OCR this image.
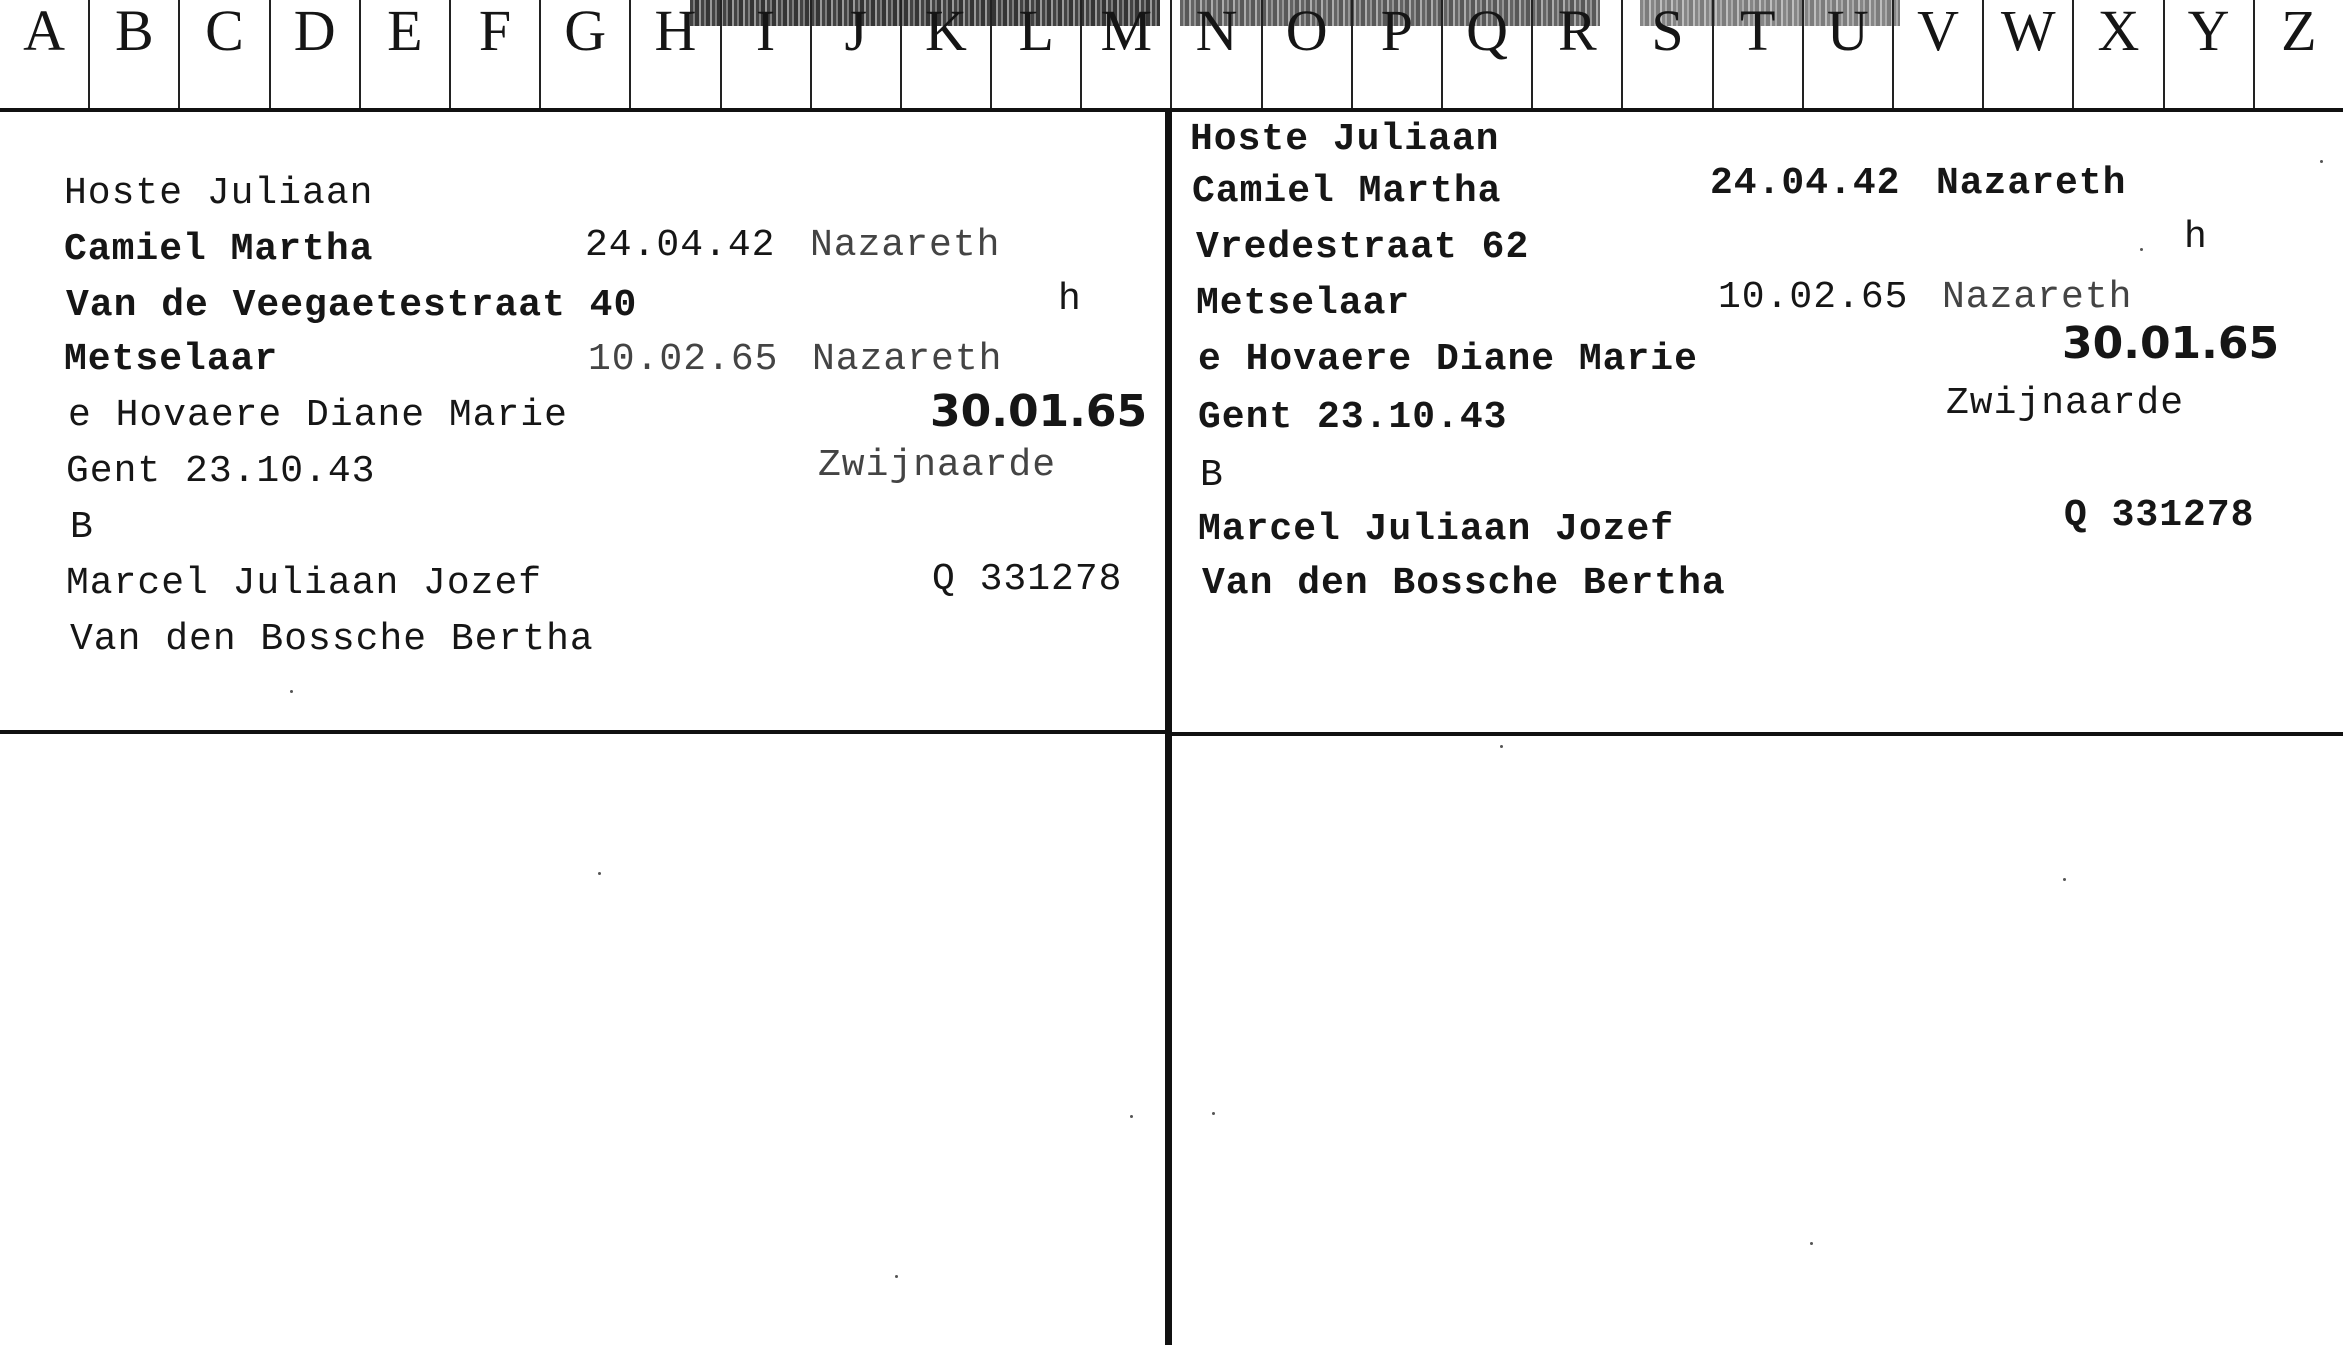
A B C D E F G H	I	J K L M N O P Q R S T U V W X Y Z
Hoste Juliaan
Camiel Martha	24.04.42 Nazareth
Van de Veegaetestraat 40	h
Metselaar	10.02.65 Nazareth
e Hovaere Diane Marie	30.01.65
Gent 23.10.43	Zwijnaarde
B
Marcel Juliaan Jozef	Q 331278
Van den Bossche Bertha
Hoste Juliaan
Camiel Martha	24.04.42 Nazareth
h
Vredestraat 62
Metselaar	10.02.65 Nazareth
30.01.65
e Hovaere Diane Marie
Gent 23.10.43	Zwijnaarde
B
Marcel Juliaan Jozef	Q 331278
Van den Bossche Bertha
